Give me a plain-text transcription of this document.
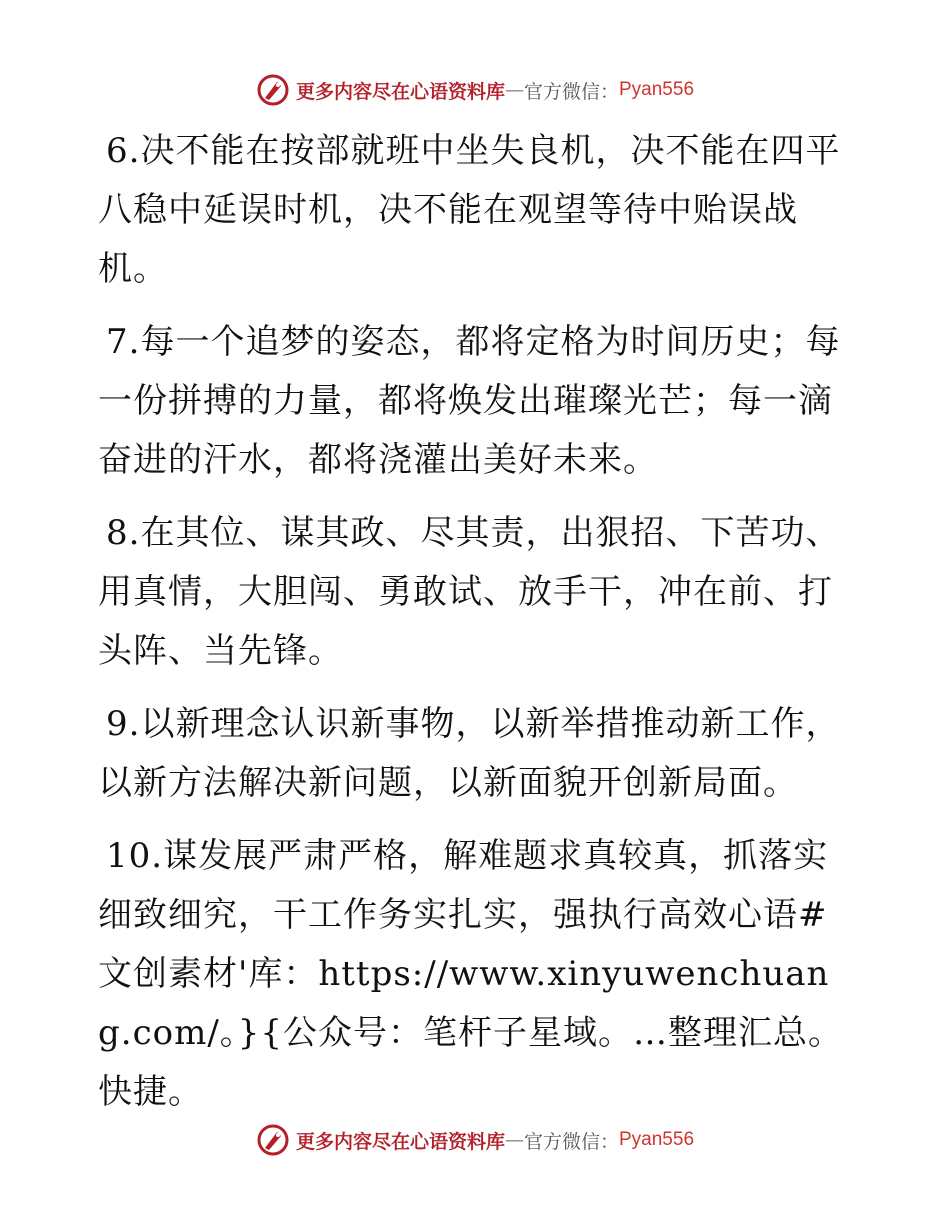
更多内容尽在心语资料库 — 官方微信： Pyan556

6.决不能在按部就班中坐失良机，决不能在四平八稳中延误时机，决不能在观望等待中贻误战机。

7.每一个追梦的姿态，都将定格为时间历史；每一份拼搏的力量，都将焕发出璀璨光芒；每一滴奋进的汗水，都将浇灌出美好未来。

8.在其位、谋其政、尽其责，出狠招、下苦功、用真情，大胆闯、勇敢试、放手干，冲在前、打头阵、当先锋。

9.以新理念认识新事物，以新举措推动新工作，以新方法解决新问题，以新面貌开创新局面。

10.谋发展严肃严格，解难题求真较真，抓落实细致细究，干工作务实扎实，强执行高效心语#文创素材'库：https://www.xinyuwenchuang.com/。}{公众号：笔杆子星域。…整理汇总。快捷。

更多内容尽在心语资料库 — 官方微信： Pyan556
